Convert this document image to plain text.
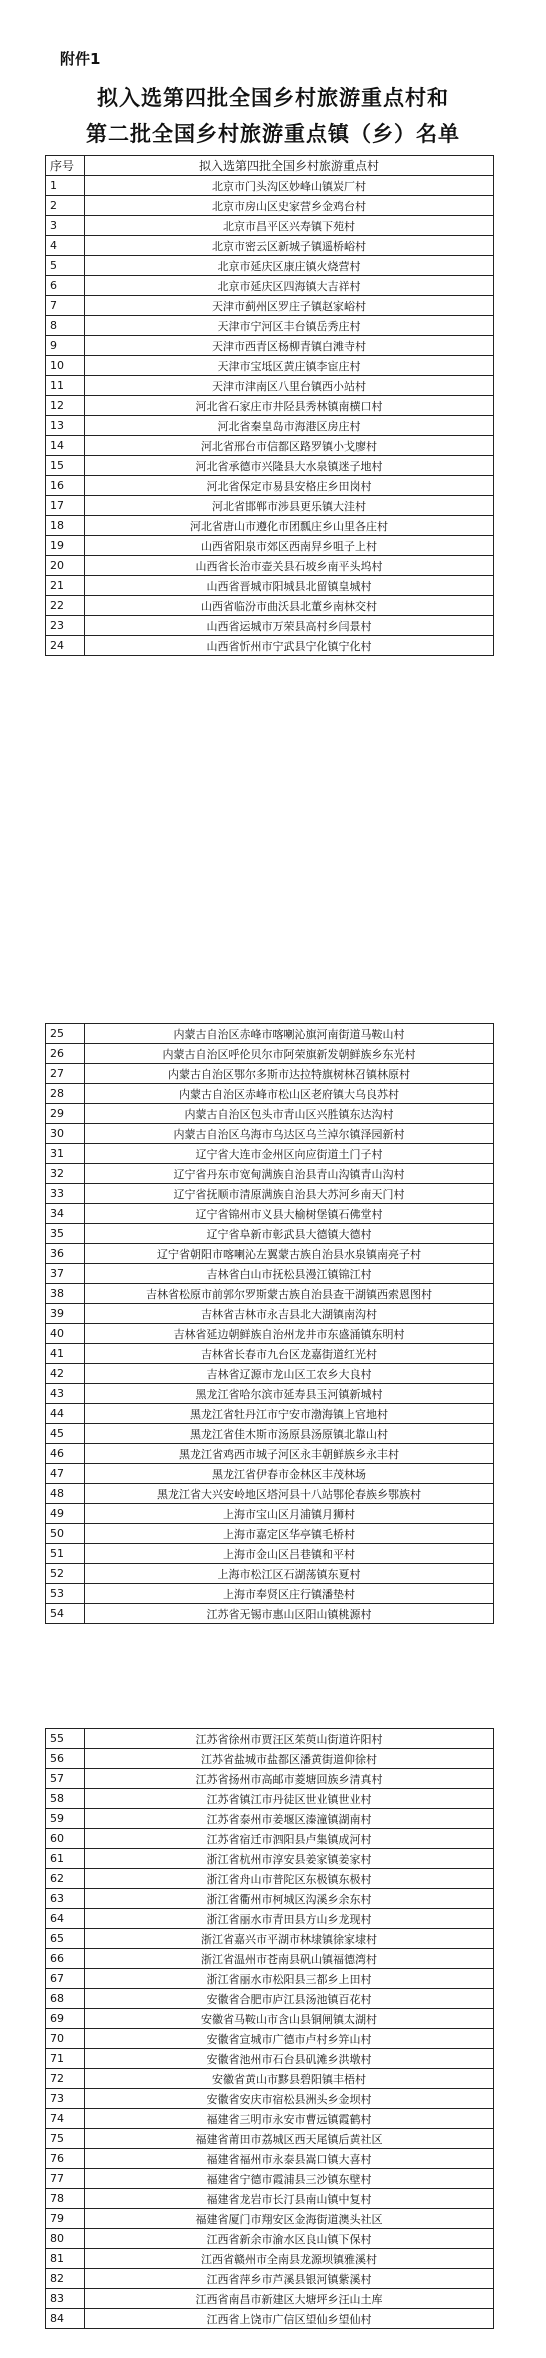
附件1
拟入选第四批全国乡村旅游重点村和
第二批全国乡村旅游重点镇（乡）名单
序号	拟入选第四批全国乡村旅游重点村
1	北京市门头沟区妙峰山镇炭厂村
2	北京市房山区史家营乡金鸡台村
3	北京市昌平区兴寿镇下苑村
4	北京市密云区新城子镇遥桥峪村
5	北京市延庆区康庄镇火烧营村
6	北京市延庆区四海镇大吉祥村
7	天津市蓟州区罗庄子镇赵家峪村
8	天津市宁河区丰台镇岳秀庄村
9	天津市西青区杨柳青镇白滩寺村
10	天津市宝坻区黄庄镇李宦庄村
11	天津市津南区八里台镇西小站村
12	河北省石家庄市井陉县秀林镇南横口村
13	河北省秦皇岛市海港区房庄村
14	河北省邢台市信都区路罗镇小戈廖村
15	河北省承德市兴隆县大水泉镇迷子地村
16	河北省保定市易县安格庄乡田岗村
17	河北省邯郸市涉县更乐镇大洼村
18	河北省唐山市遵化市团瓢庄乡山里各庄村
19	山西省阳泉市郊区西南舁乡咀子上村
20	山西省长治市壶关县石坡乡南平头坞村
21	山西省晋城市阳城县北留镇皇城村
22	山西省临汾市曲沃县北董乡南林交村
23	山西省运城市万荣县高村乡闫景村
24	山西省忻州市宁武县宁化镇宁化村
25	内蒙古自治区赤峰市喀喇沁旗河南街道马鞍山村
26	内蒙古自治区呼伦贝尔市阿荣旗新发朝鲜族乡东光村
27	内蒙古自治区鄂尔多斯市达拉特旗树林召镇林原村
28	内蒙古自治区赤峰市松山区老府镇大乌良苏村
29	内蒙古自治区包头市青山区兴胜镇东达沟村
30	内蒙古自治区乌海市乌达区乌兰淖尔镇泽园新村
31	辽宁省大连市金州区向应街道土门子村
32	辽宁省丹东市宽甸满族自治县青山沟镇青山沟村
33	辽宁省抚顺市清原满族自治县大苏河乡南天门村
34	辽宁省锦州市义县大榆树堡镇石佛堂村
35	辽宁省阜新市彰武县大德镇大德村
36	辽宁省朝阳市喀喇沁左翼蒙古族自治县水泉镇南亮子村
37	吉林省白山市抚松县漫江镇锦江村
38	吉林省松原市前郭尔罗斯蒙古族自治县查干湖镇西索恩图村
39	吉林省吉林市永吉县北大湖镇南沟村
40	吉林省延边朝鲜族自治州龙井市东盛涌镇东明村
41	吉林省长春市九台区龙嘉街道红光村
42	吉林省辽源市龙山区工农乡大良村
43	黑龙江省哈尔滨市延寿县玉河镇新城村
44	黑龙江省牡丹江市宁安市渤海镇上官地村
45	黑龙江省佳木斯市汤原县汤原镇北靠山村
46	黑龙江省鸡西市城子河区永丰朝鲜族乡永丰村
47	黑龙江省伊春市金林区丰茂林场
48	黑龙江省大兴安岭地区塔河县十八站鄂伦春族乡鄂族村
49	上海市宝山区月浦镇月狮村
50	上海市嘉定区华亭镇毛桥村
51	上海市金山区吕巷镇和平村
52	上海市松江区石湖荡镇东夏村
53	上海市奉贤区庄行镇潘垫村
54	江苏省无锡市惠山区阳山镇桃源村
55	江苏省徐州市贾汪区茱萸山街道许阳村
56	江苏省盐城市盐都区潘黄街道仰徐村
57	江苏省扬州市高邮市菱塘回族乡清真村
58	江苏省镇江市丹徒区世业镇世业村
59	江苏省泰州市姜堰区溱潼镇湖南村
60	江苏省宿迁市泗阳县卢集镇成河村
61	浙江省杭州市淳安县姜家镇姜家村
62	浙江省舟山市普陀区东极镇东极村
63	浙江省衢州市柯城区沟溪乡余东村
64	浙江省丽水市青田县方山乡龙现村
65	浙江省嘉兴市平湖市林埭镇徐家埭村
66	浙江省温州市苍南县矾山镇福德湾村
67	浙江省丽水市松阳县三都乡上田村
68	安徽省合肥市庐江县汤池镇百花村
69	安徽省马鞍山市含山县铜闸镇太湖村
70	安徽省宣城市广德市卢村乡笄山村
71	安徽省池州市石台县矶滩乡洪墩村
72	安徽省黄山市黟县碧阳镇丰梧村
73	安徽省安庆市宿松县洲头乡金坝村
74	福建省三明市永安市曹远镇霞鹤村
75	福建省莆田市荔城区西天尾镇后黄社区
76	福建省福州市永泰县嵩口镇大喜村
77	福建省宁德市霞浦县三沙镇东壁村
78	福建省龙岩市长汀县南山镇中复村
79	福建省厦门市翔安区金海街道澳头社区
80	江西省新余市渝水区良山镇下保村
81	江西省赣州市全南县龙源坝镇雅溪村
82	江西省萍乡市芦溪县银河镇紫溪村
83	江西省南昌市新建区大塘坪乡汪山土库
84	江西省上饶市广信区望仙乡望仙村
